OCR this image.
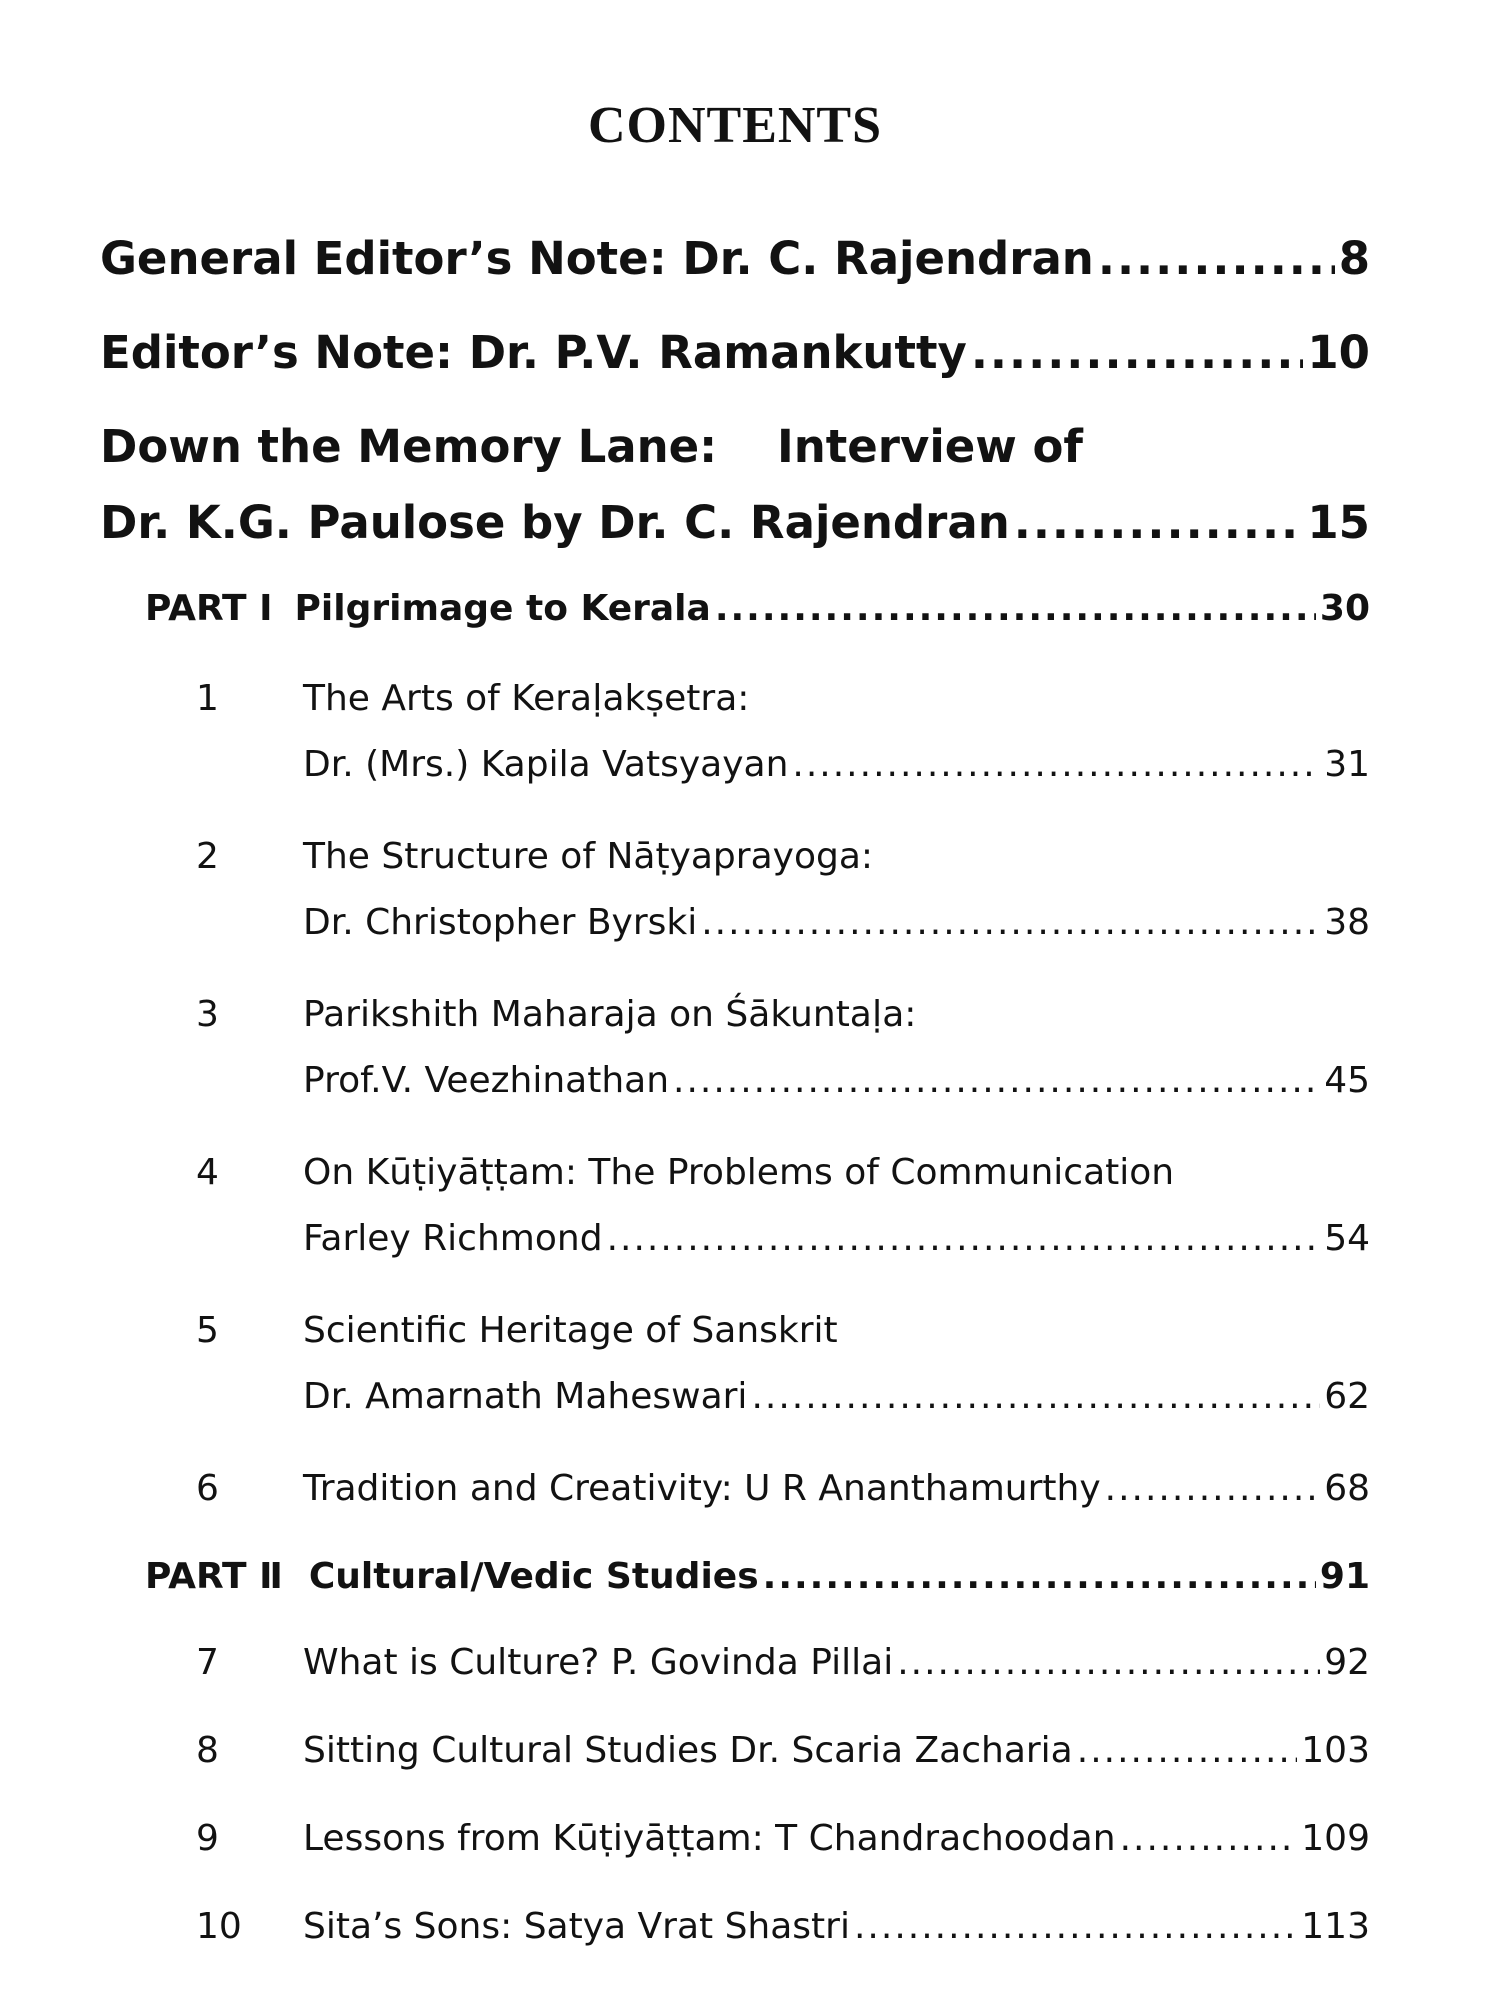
CONTENTS
General Editor’s Note: Dr. C. Rajendran .....	8
Editor’s Note: Dr. P.V. Ramankutty .....	10
Down the Memory Lane: Interview of
Dr. K.G. Paulose by Dr. C. Rajendran .....	15
PART I Pilgrimage to Kerala .....	30
1	The Arts of Keraḷakṣetra:
Dr. (Mrs.) Kapila Vatsyayan .....	31
2	The Structure of Nāṭyaprayoga:
Dr. Christopher Byrski .....	38
3	Parikshith Maharaja on Śākuntaḷa:
Prof.V. Veezhinathan .....	45
4	On Kūṭiyāṭṭam: The Problems of Communication
Farley Richmond .....	54
5	Scientific Heritage of Sanskrit
Dr. Amarnath Maheswari .....	62
6	Tradition and Creativity: U R Ananthamurthy .....	68
PART Ⅱ Cultural/Vedic Studies .....	91
7	What is Culture? P. Govinda Pillai .....	92
8	Sitting Cultural Studies Dr. Scaria Zacharia .....	103
9	Lessons from Kūṭiyāṭṭam: T Chandrachoodan .....	109
10	Sita’s Sons: Satya Vrat Shastri .....	113
